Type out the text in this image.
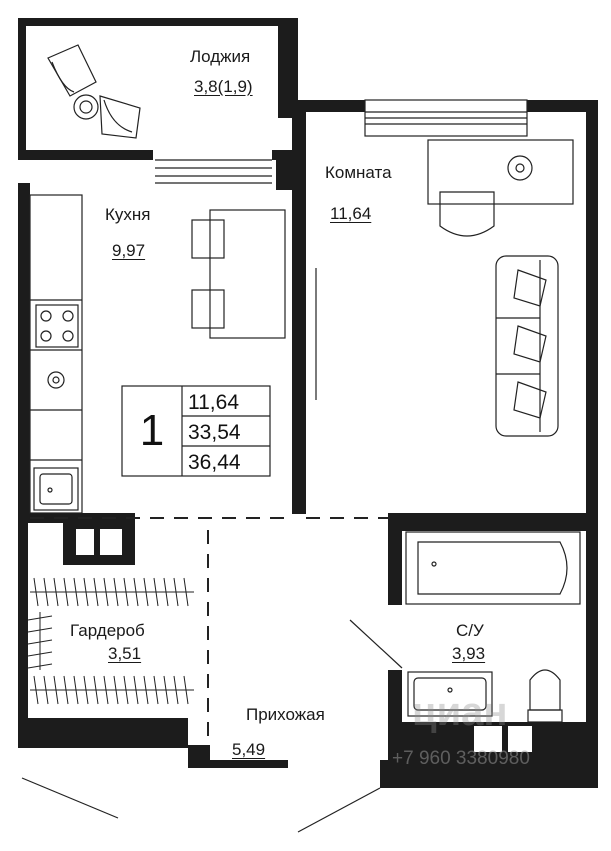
Лоджия
3,8(1,9)
Комната
11,64
Кухня
9,97
Гардероб
3,51
С/У
3,93
Прихожая
5,49
1
11,64
33,54
36,44
циан
+7 960 3380980
